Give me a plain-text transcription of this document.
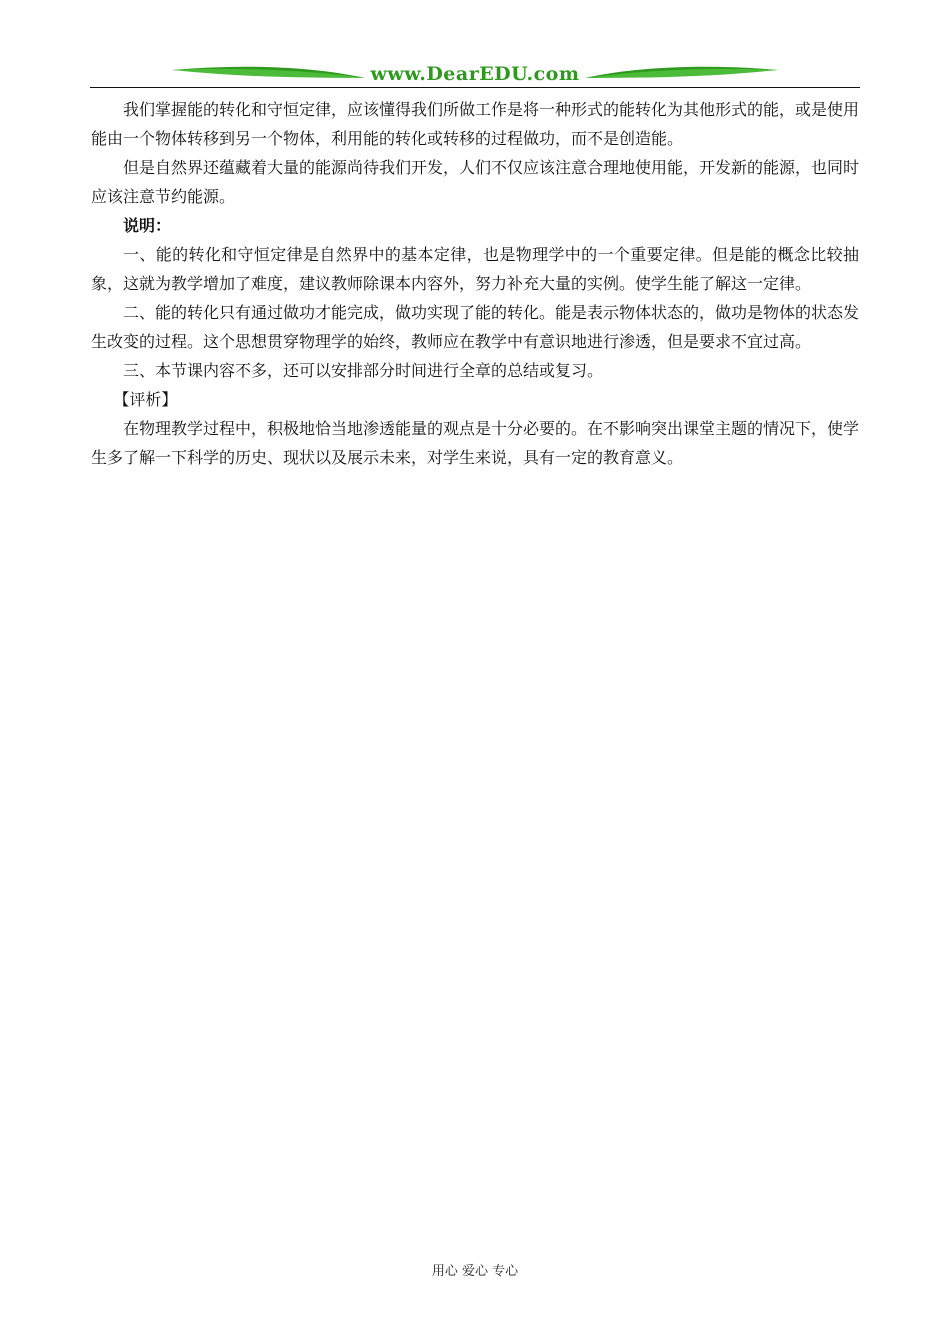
www.DearEDU.com

我们掌握能的转化和守恒定律，应该懂得我们所做工作是将一种形式的能转化为其他形式的能，或是使用能由一个物体转移到另一个物体，利用能的转化或转移的过程做功，而不是创造能。

但是自然界还蕴藏着大量的能源尚待我们开发，人们不仅应该注意合理地使用能，开发新的能源，也同时应该注意节约能源。

说明：

一、能的转化和守恒定律是自然界中的基本定律，也是物理学中的一个重要定律。但是能的概念比较抽象，这就为教学增加了难度，建议教师除课本内容外，努力补充大量的实例。使学生能了解这一定律。

二、能的转化只有通过做功才能完成，做功实现了能的转化。能是表示物体状态的，做功是物体的状态发生改变的过程。这个思想贯穿物理学的始终，教师应在教学中有意识地进行渗透，但是要求不宜过高。

三、本节课内容不多，还可以安排部分时间进行全章的总结或复习。

【评析】

在物理教学过程中，积极地恰当地渗透能量的观点是十分必要的。在不影响突出课堂主题的情况下，使学生多了解一下科学的历史、现状以及展示未来，对学生来说，具有一定的教育意义。

用心 爱心 专心
